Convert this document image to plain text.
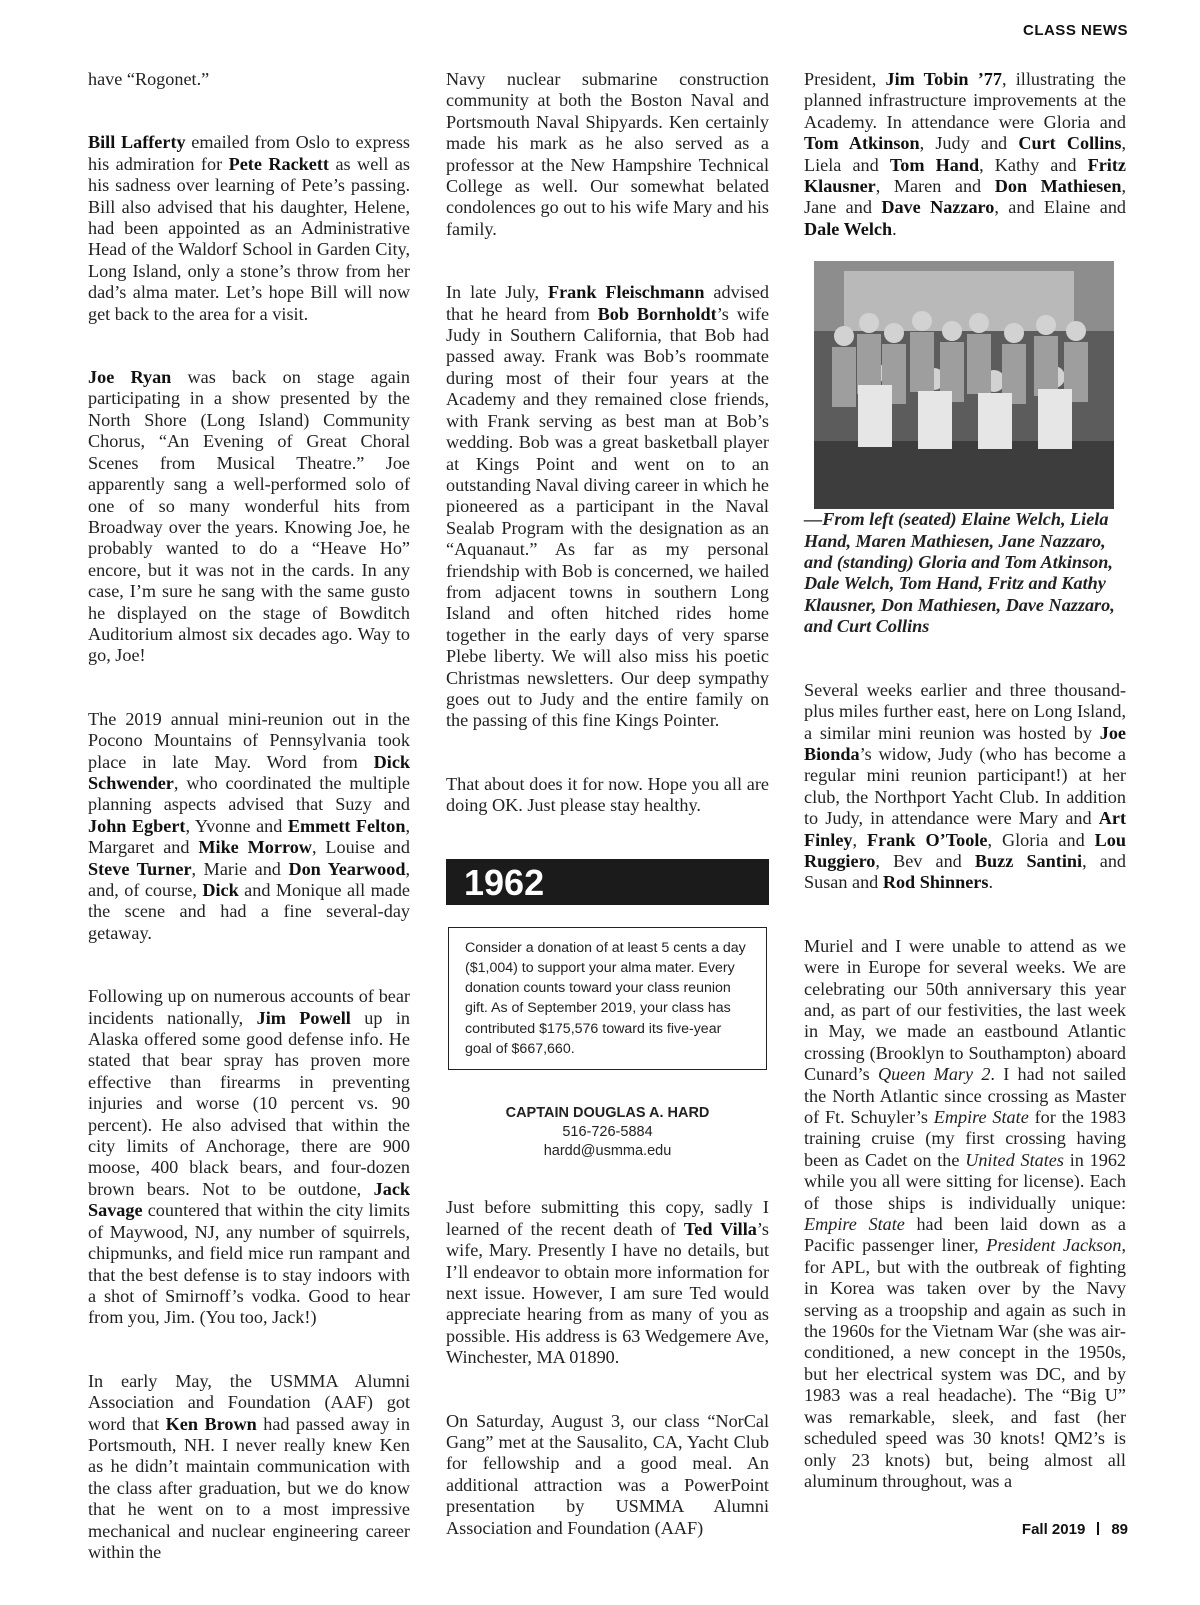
CLASS NEWS

have “Rogonet.”

Bill Lafferty emailed from Oslo to express his admiration for Pete Rackett as well as his sadness over learning of Pete’s passing. Bill also advised that his daughter, Helene, had been appointed as an Administrative Head of the Waldorf School in Garden City, Long Island, only a stone’s throw from her dad’s alma mater. Let’s hope Bill will now get back to the area for a visit.

Joe Ryan was back on stage again participating in a show presented by the North Shore (Long Island) Community Chorus, “An Evening of Great Choral Scenes from Musical Theatre.” Joe apparently sang a well-performed solo of one of so many wonderful hits from Broadway over the years. Knowing Joe, he probably wanted to do a “Heave Ho” encore, but it was not in the cards. In any case, I’m sure he sang with the same gusto he displayed on the stage of Bowditch Auditorium almost six decades ago. Way to go, Joe!

The 2019 annual mini-reunion out in the Pocono Mountains of Pennsylvania took place in late May. Word from Dick Schwender, who coordinated the multiple planning aspects advised that Suzy and John Egbert, Yvonne and Emmett Felton, Margaret and Mike Morrow, Louise and Steve Turner, Marie and Don Yearwood, and, of course, Dick and Monique all made the scene and had a fine several-day getaway.

Following up on numerous accounts of bear incidents nationally, Jim Powell up in Alaska offered some good defense info. He stated that bear spray has proven more effective than firearms in preventing injuries and worse (10 percent vs. 90 percent). He also advised that within the city limits of Anchorage, there are 900 moose, 400 black bears, and four-dozen brown bears. Not to be outdone, Jack Savage countered that within the city limits of Maywood, NJ, any number of squirrels, chipmunks, and field mice run rampant and that the best defense is to stay indoors with a shot of Smirnoff’s vodka. Good to hear from you, Jim. (You too, Jack!)

In early May, the USMMA Alumni Association and Foundation (AAF) got word that Ken Brown had passed away in Portsmouth, NH. I never really knew Ken as he didn’t maintain communication with the class after graduation, but we do know that he went on to a most impressive mechanical and nuclear engineering career within the

Navy nuclear submarine construction community at both the Boston Naval and Portsmouth Naval Shipyards. Ken certainly made his mark as he also served as a professor at the New Hampshire Technical College as well. Our somewhat belated condolences go out to his wife Mary and his family.

In late July, Frank Fleischmann advised that he heard from Bob Bornholdt’s wife Judy in Southern California, that Bob had passed away. Frank was Bob’s roommate during most of their four years at the Academy and they remained close friends, with Frank serving as best man at Bob’s wedding. Bob was a great basketball player at Kings Point and went on to an outstanding Naval diving career in which he pioneered as a participant in the Naval Sealab Program with the designation as an “Aquanaut.” As far as my personal friendship with Bob is concerned, we hailed from adjacent towns in southern Long Island and often hitched rides home together in the early days of very sparse Plebe liberty. We will also miss his poetic Christmas newsletters. Our deep sympathy goes out to Judy and the entire family on the passing of this fine Kings Pointer.

That about does it for now. Hope you all are doing OK. Just please stay healthy.

1962
Consider a donation of at least 5 cents a day ($1,004) to support your alma mater. Every donation counts toward your class reunion gift. As of September 2019, your class has contributed $175,576 toward its five-year goal of $667,660.
CAPTAIN DOUGLAS A. HARD
516-726-5884
hardd@usmma.edu

Just before submitting this copy, sadly I learned of the recent death of Ted Villa’s wife, Mary. Presently I have no details, but I’ll endeavor to obtain more information for next issue. However, I am sure Ted would appreciate hearing from as many of you as possible. His address is 63 Wedgemere Ave, Winchester, MA 01890.

On Saturday, August 3, our class “NorCal Gang” met at the Sausalito, CA, Yacht Club for fellowship and a good meal. An additional attraction was a PowerPoint presentation by USMMA Alumni Association and Foundation (AAF)

President, Jim Tobin ’77, illustrating the planned infrastructure improvements at the Academy. In attendance were Gloria and Tom Atkinson, Judy and Curt Collins, Liela and Tom Hand, Kathy and Fritz Klausner, Maren and Don Mathiesen, Jane and Dave Nazzaro, and Elaine and Dale Welch.

—From left (seated) Elaine Welch, Liela Hand, Maren Mathiesen, Jane Nazzaro, and (standing) Gloria and Tom Atkinson, Dale Welch, Tom Hand, Fritz and Kathy Klausner, Don Mathiesen, Dave Nazzaro, and Curt Collins

Several weeks earlier and three thousand-plus miles further east, here on Long Island, a similar mini reunion was hosted by Joe Bionda’s widow, Judy (who has become a regular mini reunion participant!) at her club, the Northport Yacht Club. In addition to Judy, in attendance were Mary and Art Finley, Frank O’Toole, Gloria and Lou Ruggiero, Bev and Buzz Santini, and Susan and Rod Shinners.

Muriel and I were unable to attend as we were in Europe for several weeks. We are celebrating our 50th anniversary this year and, as part of our festivities, the last week in May, we made an eastbound Atlantic crossing (Brooklyn to Southampton) aboard Cunard’s Queen Mary 2. I had not sailed the North Atlantic since crossing as Master of Ft. Schuyler’s Empire State for the 1983 training cruise (my first crossing having been as Cadet on the United States in 1962 while you all were sitting for license). Each of those ships is individually unique: Empire State had been laid down as a Pacific passenger liner, President Jackson, for APL, but with the outbreak of fighting in Korea was taken over by the Navy serving as a troopship and again as such in the 1960s for the Vietnam War (she was air-conditioned, a new concept in the 1950s, but her electrical system was DC, and by 1983 was a real headache). The “Big U” was remarkable, sleek, and fast (her scheduled speed was 30 knots! QM2’s is only 23 knots) but, being almost all aluminum throughout, was a

Fall 2019 89
